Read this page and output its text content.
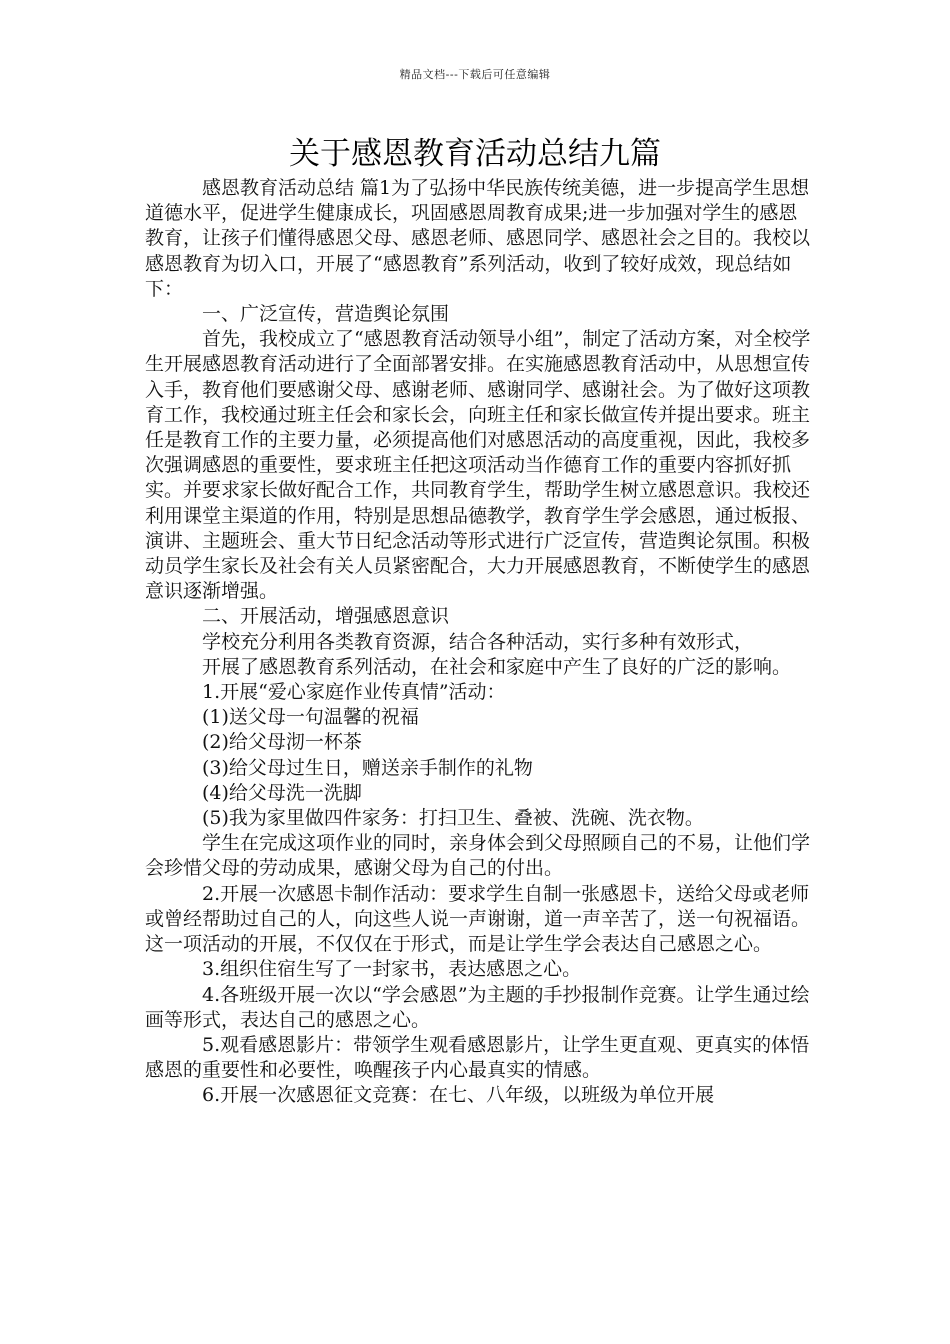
精品文档---下载后可任意编辑
关于感恩教育活动总结九篇

感恩教育活动总结 篇1为了弘扬中华民族传统美德，进一步提高学生思想道德水平，促进学生健康成长，巩固感恩周教育成果;进一步加强对学生的感恩教育，让孩子们懂得感恩父母、感恩老师、感恩同学、感恩社会之目的。我校以感恩教育为切入口，开展了“感恩教育”系列活动，收到了较好成效，现总结如下：

一、广泛宣传，营造舆论氛围

首先，我校成立了“感恩教育活动领导小组”，制定了活动方案，对全校学生开展感恩教育活动进行了全面部署安排。在实施感恩教育活动中，从思想宣传入手，教育他们要感谢父母、感谢老师、感谢同学、感谢社会。为了做好这项教育工作，我校通过班主任会和家长会，向班主任和家长做宣传并提出要求。班主任是教育工作的主要力量，必须提高他们对感恩活动的高度重视，因此，我校多次强调感恩的重要性，要求班主任把这项活动当作德育工作的重要内容抓好抓实。并要求家长做好配合工作，共同教育学生，帮助学生树立感恩意识。我校还利用课堂主渠道的作用，特别是思想品德教学，教育学生学会感恩，通过板报、演讲、主题班会、重大节日纪念活动等形式进行广泛宣传，营造舆论氛围。积极动员学生家长及社会有关人员紧密配合，大力开展感恩教育，不断使学生的感恩意识逐渐增强。

二、开展活动，增强感恩意识

学校充分利用各类教育资源，结合各种活动，实行多种有效形式，

开展了感恩教育系列活动，在社会和家庭中产生了良好的广泛的影响。

1.开展“爱心家庭作业传真情”活动：

(1)送父母一句温馨的祝福

(2)给父母沏一杯茶

(3)给父母过生日，赠送亲手制作的礼物

(4)给父母洗一洗脚

(5)我为家里做四件家务：打扫卫生、叠被、洗碗、洗衣物。

学生在完成这项作业的同时，亲身体会到父母照顾自己的不易，让他们学会珍惜父母的劳动成果，感谢父母为自己的付出。

2.开展一次感恩卡制作活动：要求学生自制一张感恩卡，送给父母或老师或曾经帮助过自己的人，向这些人说一声谢谢，道一声辛苦了，送一句祝福语。这一项活动的开展，不仅仅在于形式，而是让学生学会表达自己感恩之心。

3.组织住宿生写了一封家书，表达感恩之心。

4.各班级开展一次以“学会感恩”为主题的手抄报制作竞赛。让学生通过绘画等形式，表达自己的感恩之心。

5.观看感恩影片：带领学生观看感恩影片，让学生更直观、更真实的体悟感恩的重要性和必要性，唤醒孩子内心最真实的情感。

6.开展一次感恩征文竞赛：在七、八年级，以班级为单位开展
